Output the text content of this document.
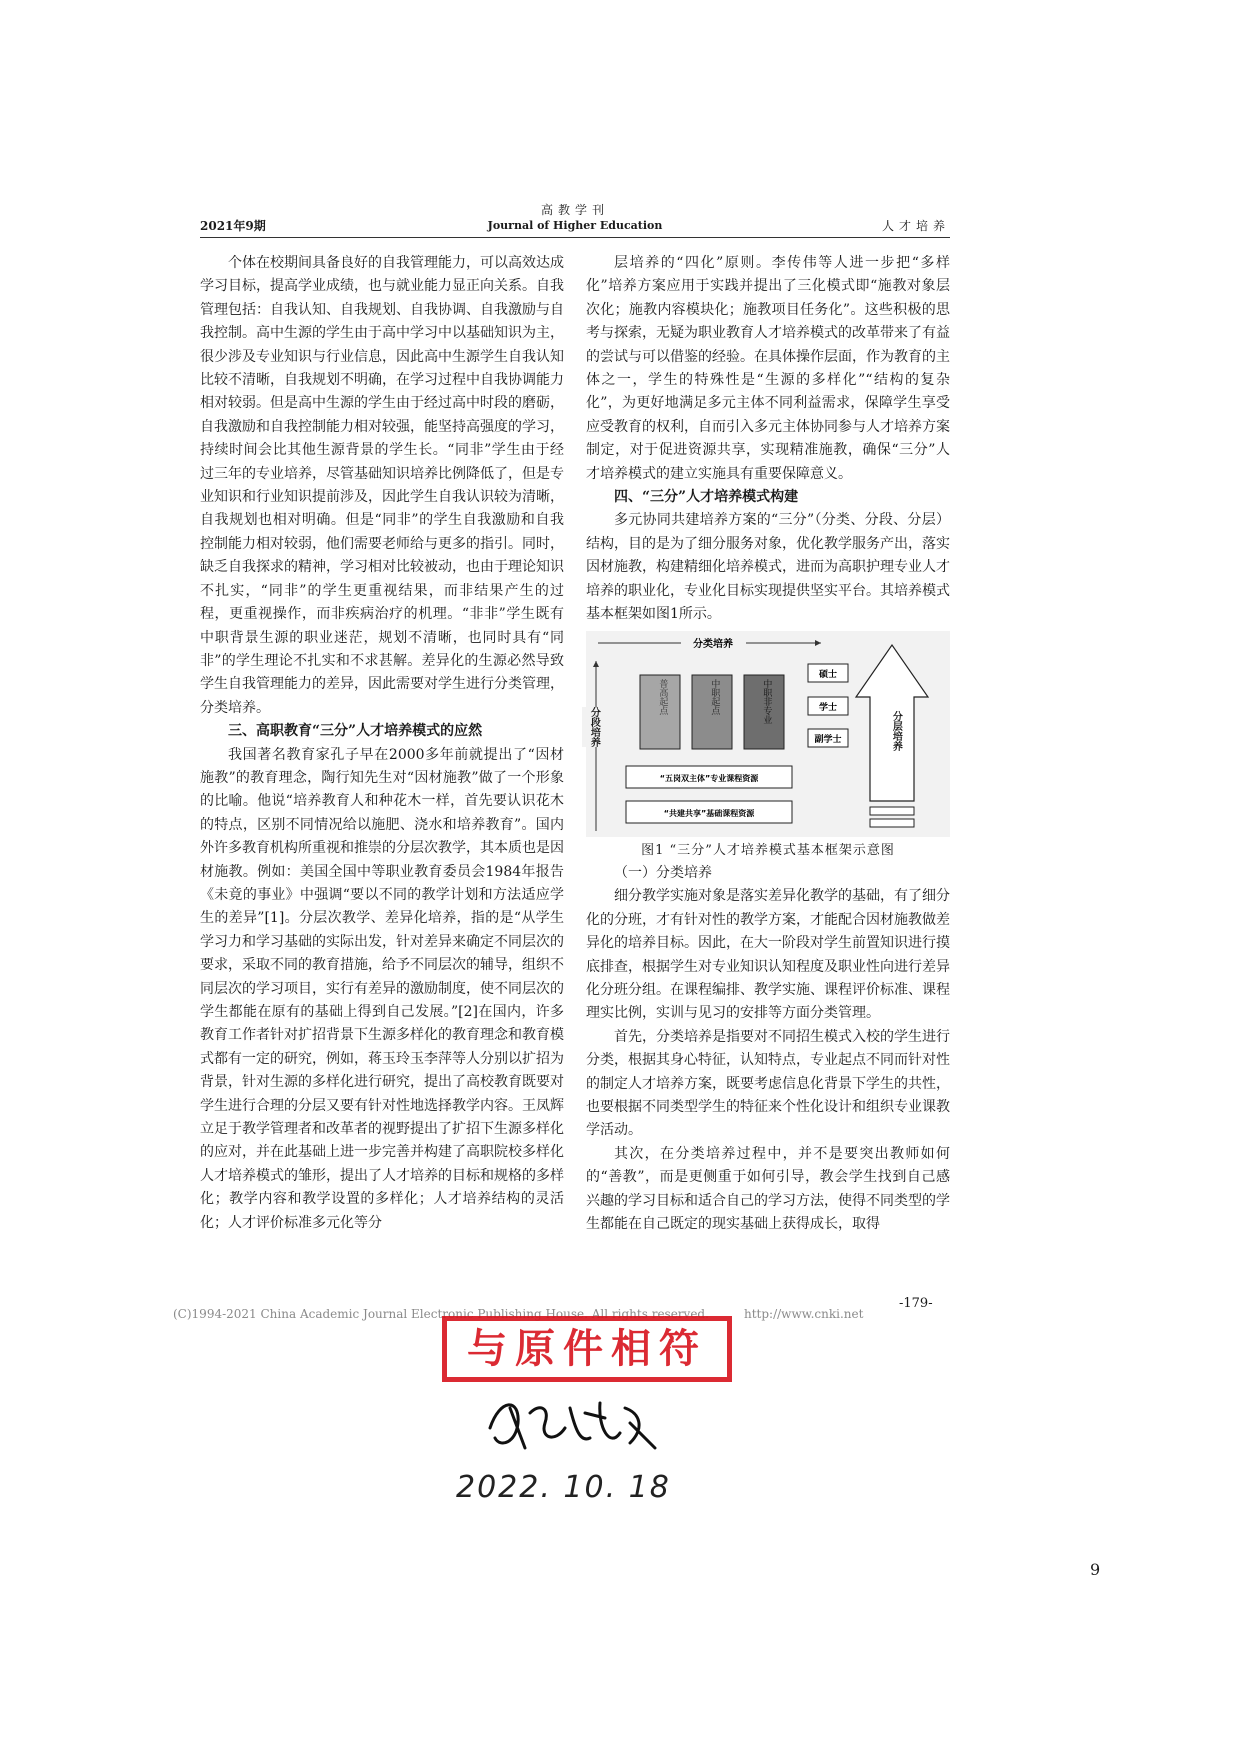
2021年9期
高教学刊
Journal of Higher Education	人才培养

个体在校期间具备良好的自我管理能力，可以高效达成学习目标，提高学业成绩，也与就业能力显正向关系。自我管理包括：自我认知、自我规划、自我协调、自我激励与自我控制。高中生源的学生由于高中学习中以基础知识为主，很少涉及专业知识与行业信息，因此高中生源学生自我认知比较不清晰，自我规划不明确，在学习过程中自我协调能力相对较弱。但是高中生源的学生由于经过高中时段的磨砺，自我激励和自我控制能力相对较强，能坚持高强度的学习，持续时间会比其他生源背景的学生长。“同非”学生由于经过三年的专业培养，尽管基础知识培养比例降低了，但是专业知识和行业知识提前涉及，因此学生自我认识较为清晰，自我规划也相对明确。但是“同非”的学生自我激励和自我控制能力相对较弱，他们需要老师给与更多的指引。同时，缺乏自我探求的精神，学习相对比较被动，也由于理论知识不扎实，“同非”的学生更重视结果，而非结果产生的过程，更重视操作，而非疾病治疗的机理。“非非”学生既有中职背景生源的职业迷茫，规划不清晰，也同时具有“同非”的学生理论不扎实和不求甚解。差异化的生源必然导致学生自我管理能力的差异，因此需要对学生进行分类管理，分类培养。

三、高职教育“三分”人才培养模式的应然

我国著名教育家孔子早在2000多年前就提出了“因材施教”的教育理念，陶行知先生对“因材施教”做了一个形象的比喻。他说“培养教育人和种花木一样，首先要认识花木的特点，区别不同情况给以施肥、浇水和培养教育”。国内外许多教育机构所重视和推崇的分层次教学，其本质也是因材施教。例如：美国全国中等职业教育委员会1984年报告《未竟的事业》中强调“要以不同的教学计划和方法适应学生的差异”[1]。分层次教学、差异化培养，指的是“从学生学习力和学习基础的实际出发，针对差异来确定不同层次的要求，采取不同的教育措施，给予不同层次的辅导，组织不同层次的学习项目，实行有差异的激励制度，使不同层次的学生都能在原有的基础上得到自己发展。”[2]在国内，许多教育工作者针对扩招背景下生源多样化的教育理念和教育模式都有一定的研究，例如，蒋玉玲玉李萍等人分别以扩招为背景，针对生源的多样化进行研究，提出了高校教育既要对学生进行合理的分层又要有针对性地选择教学内容。王凤辉立足于教学管理者和改革者的视野提出了扩招下生源多样化的应对，并在此基础上进一步完善并构建了高职院校多样化人才培养模式的雏形，提出了人才培养的目标和规格的多样化；教学内容和教学设置的多样化；人才培养结构的灵活化；人才评价标准多元化等分

层培养的“四化”原则。李传伟等人进一步把“多样化”培养方案应用于实践并提出了三化模式即“施教对象层次化；施教内容模块化；施教项目任务化”。这些积极的思考与探索，无疑为职业教育人才培养模式的改革带来了有益的尝试与可以借鉴的经验。在具体操作层面，作为教育的主体之一，学生的特殊性是“生源的多样化”“结构的复杂化”，为更好地满足多元主体不同利益需求，保障学生享受应受教育的权利，自而引入多元主体协同参与人才培养方案制定，对于促进资源共享，实现精准施教，确保“三分”人才培养模式的建立实施具有重要保障意义。

四、“三分”人才培养模式构建

多元协同共建培养方案的“三分”（分类、分段、分层）结构，目的是为了细分服务对象，优化教学服务产出，落实因材施教，构建精细化培养模式，进而为高职护理专业人才培养的职业化，专业化目标实现提供坚实平台。其培养模式基本框架如图1所示。

分类培养
分段培养
普高起点	中职起点	中职非专业
硕士
学士
副学士	分层培养
“五岗双主体”专业课程资源
“共建共享”基础课程资源
图1 “三分”人才培养模式基本框架示意图
（一）分类培养

细分教学实施对象是落实差异化教学的基础，有了细分化的分班，才有针对性的教学方案，才能配合因材施教做差异化的培养目标。因此，在大一阶段对学生前置知识进行摸底排查，根据学生对专业知识认知程度及职业性向进行差异化分班分组。在课程编排、教学实施、课程评价标准、课程理实比例，实训与见习的安排等方面分类管理。

首先，分类培养是指要对不同招生模式入校的学生进行分类，根据其身心特征，认知特点，专业起点不同而针对性的制定人才培养方案，既要考虑信息化背景下学生的共性，也要根据不同类型学生的特征来个性化设计和组织专业课教学活动。

其次，在分类培养过程中，并不是要突出教师如何的“善教”，而是更侧重于如何引导，教会学生找到自己感兴趣的学习目标和适合自己的学习方法，使得不同类型的学生都能在自己既定的现实基础上获得成长，取得

(C)1994-2021 China Academic Journal Electronic Publishing House. All rights reserved.	http://www.cnki.net
-179-
与原件相符
2022. 10. 18
9
